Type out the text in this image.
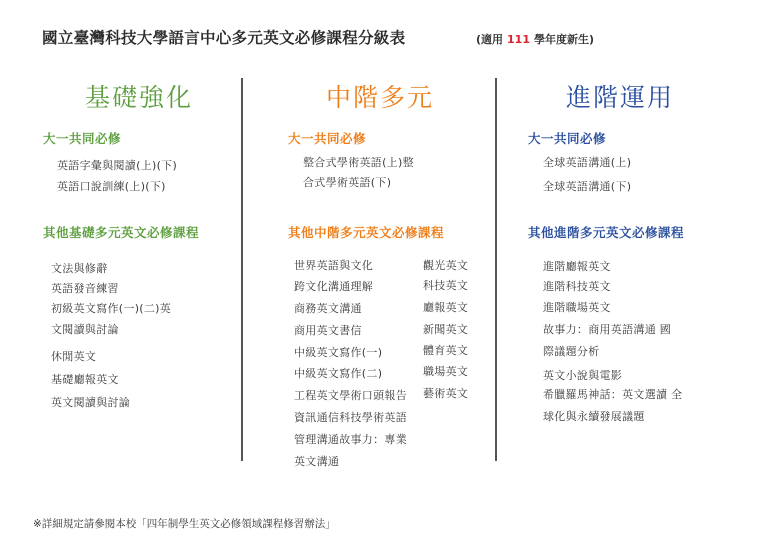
國立臺灣科技大學語言中心多元英文必修課程分級表	(適用 111 學年度新生)
基礎強化
大一共同必修
英語字彙與閱讀(上)(下)
英語口說訓練(上)(下)
其他基礎多元英文必修課程
文法與修辭
英語發音練習
初級英文寫作(一)(二)英
文閱讀與討論
休閒英文
基礎廳報英文
英文閱讀與討論
中階多元
大一共同必修
整合式學術英語(上)整
合式學術英語(下)
其他中階多元英文必修課程
世界英語與文化
跨文化溝通理解
商務英文溝通
商用英文書信
中級英文寫作(一)
中級英文寫作(二)
工程英文學術口頭報告
資訊通信科技學術英語
管理溝通故事力：專業
英文溝通
觀光英文
科技英文
廳報英文
新聞英文
體育英文
職場英文
藝術英文
進階運用
大一共同必修
全球英語溝通(上)
全球英語溝通(下)
其他進階多元英文必修課程
進階廳報英文
進階科技英文
進階職場英文
故事力：商用英語溝通 國
際議題分析
英文小說與電影
希臘羅馬神話：英文選讀 全
球化與永續發展議題
※詳細規定請參閱本校「四年制學生英文必修領域課程修習辦法」
